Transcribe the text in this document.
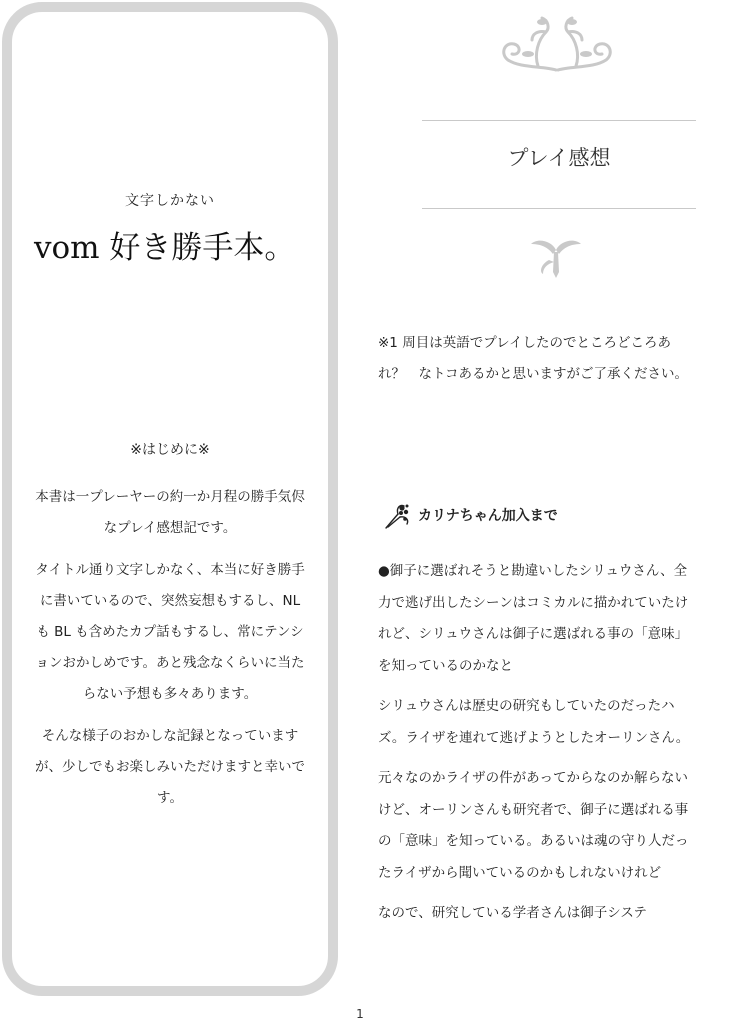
文字しかない
vom 好き勝手本。
※はじめに※

本書は一プレーヤーの約一か月程の勝手気侭なプレイ感想記です。

タイトル通り文字しかなく、本当に好き勝手に書いているので、突然妄想もするし、NL も BL も含めたカプ話もするし、常にテンションおかしめです。あと残念なくらいに当たらない予想も多々あります。

そんな様子のおかしな記録となっていますが、少しでもお楽しみいただけますと幸いです。

プレイ感想
※1 周目は英語でプレイしたのでところどころあれ？　なトコあるかと思いますがご了承ください。
カリナちゃん加入まで

●御子に選ばれそうと勘違いしたシリュウさん、全力で逃げ出したシーンはコミカルに描かれていたけれど、シリュウさんは御子に選ばれる事の「意味」を知っているのかなと

シリュウさんは歴史の研究もしていたのだったハズ。ライザを連れて逃げようとしたオーリンさん。

元々なのかライザの件があってからなのか解らないけど、オーリンさんも研究者で、御子に選ばれる事の「意味」を知っている。あるいは魂の守り人だったライザから聞いているのかもしれないけれど

なので、研究している学者さんは御子システ

1
